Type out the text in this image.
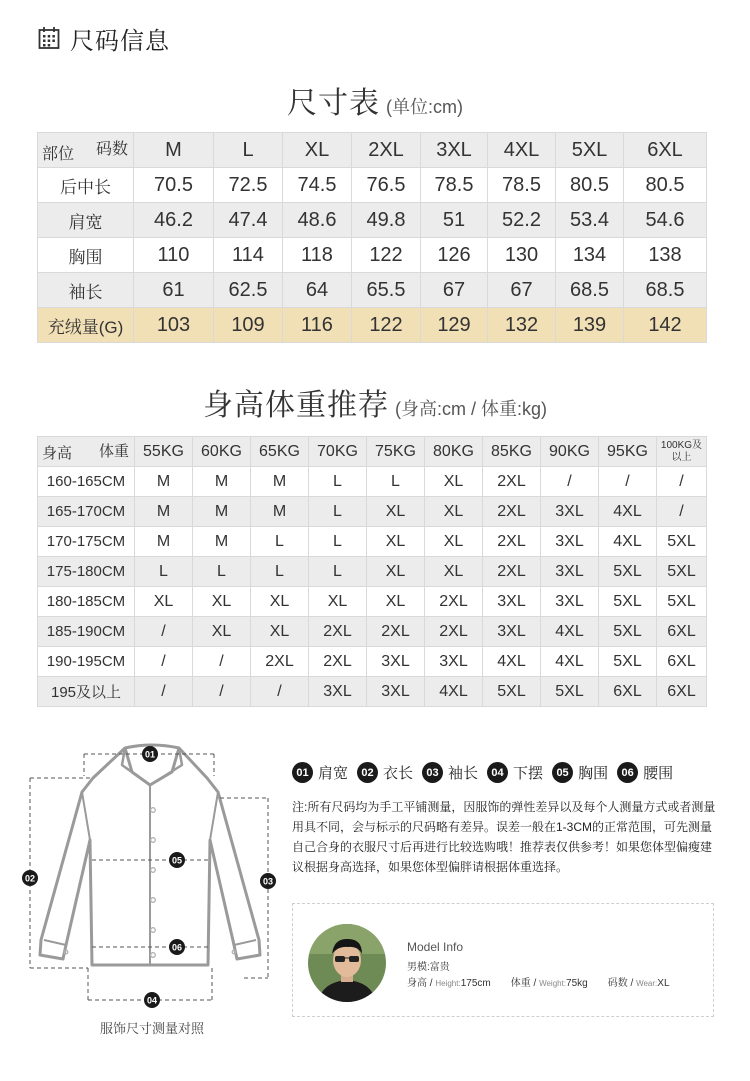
尺码信息
尺寸表 (单位:cm)
码数
部位	M	L	XL	2XL	3XL	4XL	5XL	6XL
后中长	70.5	72.5	74.5	76.5	78.5	78.5	80.5	80.5
肩宽	46.2	47.4	48.6	49.8	51	52.2	53.4	54.6
胸围	110	114	118	122	126	130	134	138
袖长	61	62.5	64	65.5	67	67	68.5	68.5
充绒量(G)	103	109	116	122	129	132	139	142
身高体重推荐 (身高:cm / 体重:kg)
体重
身高	55KG	60KG	65KG	70KG	75KG	80KG	85KG	90KG	95KG	100KG及以上
160-165CM	M	M	M	L	L	XL	2XL	/	/	/
165-170CM	M	M	M	L	XL	XL	2XL	3XL	4XL	/
170-175CM	M	M	L	L	XL	XL	2XL	3XL	4XL	5XL
175-180CM	L	L	L	L	XL	XL	2XL	3XL	5XL	5XL
180-185CM	XL	XL	XL	XL	XL	2XL	3XL	3XL	5XL	5XL
185-190CM	/	XL	XL	2XL	2XL	2XL	3XL	4XL	5XL	6XL
190-195CM	/	/	2XL	2XL	3XL	3XL	4XL	4XL	5XL	6XL
195及以上	/	/	/	3XL	3XL	4XL	5XL	5XL	6XL	6XL
01
02	03
04
05
06
服饰尺寸测量对照
01 肩宽	02 衣长	03 袖长	04 下摆	05 胸围	06 腰围
注:所有尺码均为手工平铺测量，因服饰的弹性差异以及每个人测量方式或者测量用具不同，会与标示的尺码略有差异。误差一般在1-3CM的正常范围，可先测量自己合身的衣服尺寸后再进行比较选购哦！推荐表仅供参考！如果您体型偏瘦建议根据身高选择，如果您体型偏胖请根据体重选择。
Model Info
男模:富贵
身高 / Height:175cm 体重 / Weight:75kg 码数 / Wear:XL
